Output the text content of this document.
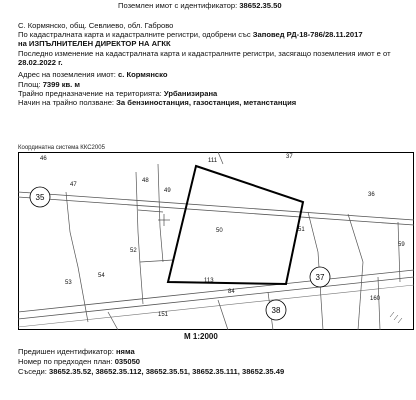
Поземлен имот с идентификатор: 38652.35.50
С. Кормянско, общ. Севлиево, обл. Габрово
По кадастралната карта и кадастралните регистри, одобрени със Заповед РД-18-786/28.11.2017
на ИЗПЪЛНИТЕЛЕН ДИРЕКТОР НА АГКК
Последно изменение на кадастралната карта и кадастралните регистри, засягащо поземления имот е от
28.02.2022 г.
Адрес на поземления имот: с. Кормянско
Площ: 7399 кв. м
Трайно предназначение на територията: Урбанизирана
Начин на трайно ползване: За бензиностанция, газостанция, метанстанция
Координатна система ККС2005
46
47
48
49
50	51
52
53
84
36
37
111
113
151
160
59
54
35
37
38
М 1:2000
Предишен идентификатор: няма
Номер по предходен план: 035050
Съседи: 38652.35.52, 38652.35.112, 38652.35.51, 38652.35.111, 38652.35.49
